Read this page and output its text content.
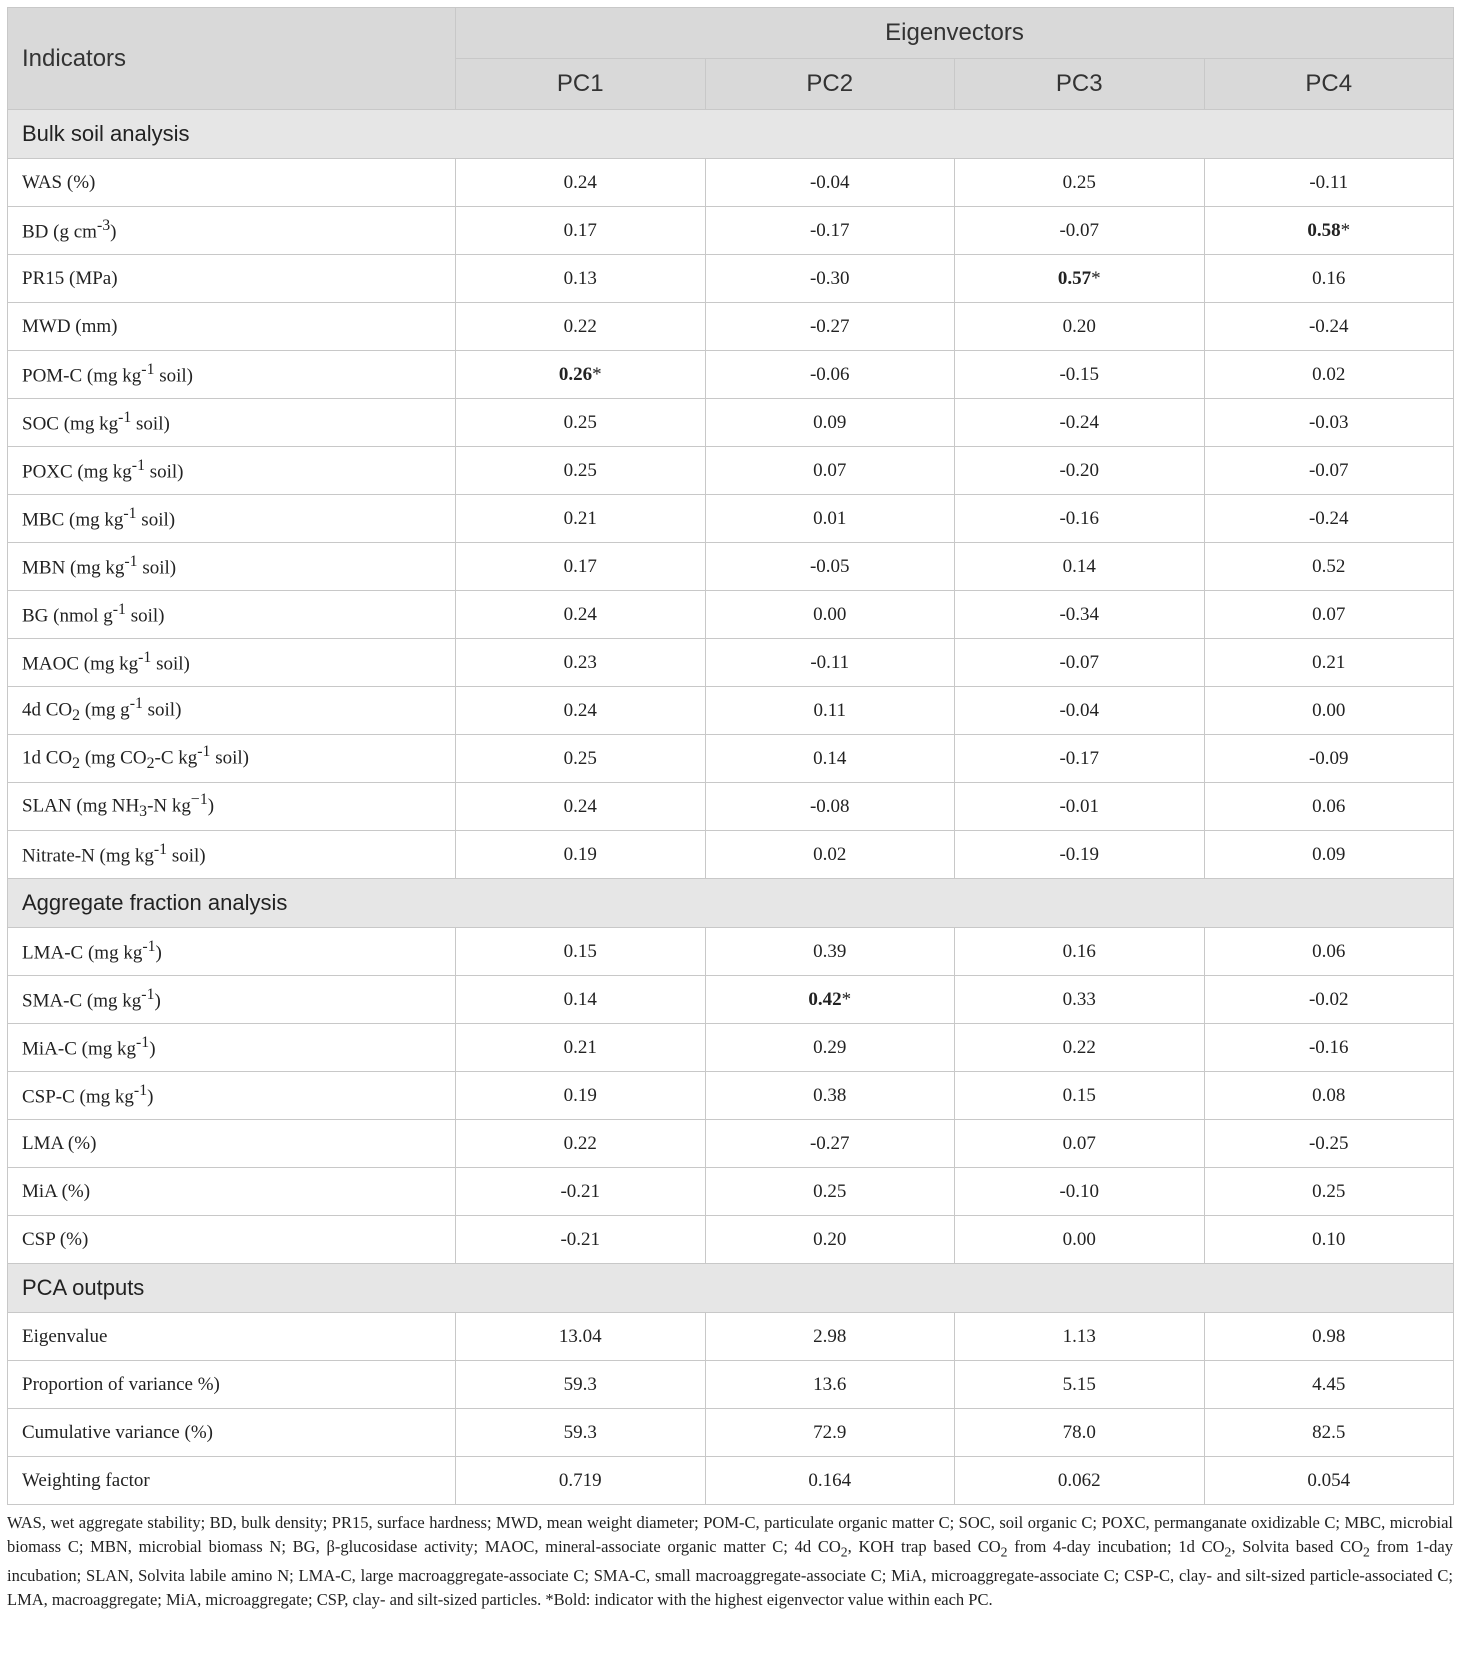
Indicators	Eigenvectors			
	PC1	PC2	PC3	PC4
Bulk soil analysis				
WAS (%)	0.24	-0.04	0.25	-0.11
BD (g $cm^{-3}$)	0.17	-0.17	-0.07	0.58*
PR15 (MPa)	0.13	-0.30	0.57*	0.16
MWD (mm)	0.22	-0.27	0.20	-0.24
POM-C (mg $kg^{-1}$ soil)	0.26*	-0.06	-0.15	0.02
SOC (mg $kg^{-1}$ soil)	0.25	0.09	-0.24	-0.03
POXC (mg $kg^{-1}$ soil)	0.25	0.07	-0.20	-0.07
MBC (mg $kg^{-1}$ soil)	0.21	0.01	-0.16	-0.24
MBN (mg $kg^{-1}$ soil)	0.17	-0.05	0.14	0.52
BG (nmol $g^{-1}$ soil)	0.24	0.00	-0.34	0.07
MAOC (mg $kg^{-1}$ soil)	0.23	-0.11	-0.07	0.21
4d $CO_2$ (mg $g^{-1}$ soil)	0.24	0.11	-0.04	0.00
1d $CO_2$ (mg $CO_2-C$ $kg^{-1}$ soil)	0.25	0.14	-0.17	-0.09
SLAN (mg $NH_3-N$ $kg^{-1}$)	0.24	-0.08	-0.01	0.06
Nitrate-N (mg $kg^{-1}$ soil)	0.19	0.02	-0.19	0.09
Aggregate fraction analysis				
LMA-C (mg $kg^{-1}$)	0.15	0.39	0.16	0.06
SMA-C (mg $kg^{-1}$)	0.14	0.42*	0.33	-0.02
MiA-C (mg $kg^{-1}$)	0.21	0.29	0.22	-0.16
CSP-C (mg $kg^{-1}$)	0.19	0.38	0.15	0.08
LMA (%)	0.22	-0.27	0.07	-0.25
MiA (%)	-0.21	0.25	-0.10	0.25
CSP (%)	-0.21	0.20	0.00	0.10
PCA outputs				
Eigenvalue	13.04	2.98	1.13	0.98
Proportion of variance %)	59.3	13.6	5.15	4.45
Cumulative variance (%)	59.3	72.9	78.0	82.5
Weighting factor	0.719	0.164	0.062	0.054
WAS, wet aggregate stability; BD, bulk density; PR15, surface hardness; MWD, mean weight diameter; POM-C, particulate organic matter C; SOC, soil organic C; POXC, permanganate oxidizable C; MBC, microbial biomass C; MBN, microbial biomass N; BG, β-glucosidase activity; MAOC, mineral-associate organic matter C; 4d $CO_2$, KOH trap based $CO_2$ from 4-day incubation; 1d $CO_2$, Solvita based $CO_2$ from 1-day incubation; SLAN, Solvita labile amino N; LMA-C, large macroaggregate-associate C; SMA-C, small macroaggregate-associate C; MiA, microaggregate-associate C; CSP-C, clay- and silt-sized particle-associated C; LMA, macroaggregate; MiA, microaggregate; CSP, clay- and silt-sized particles. *Bold: indicator with the highest eigenvector value within each PC.
